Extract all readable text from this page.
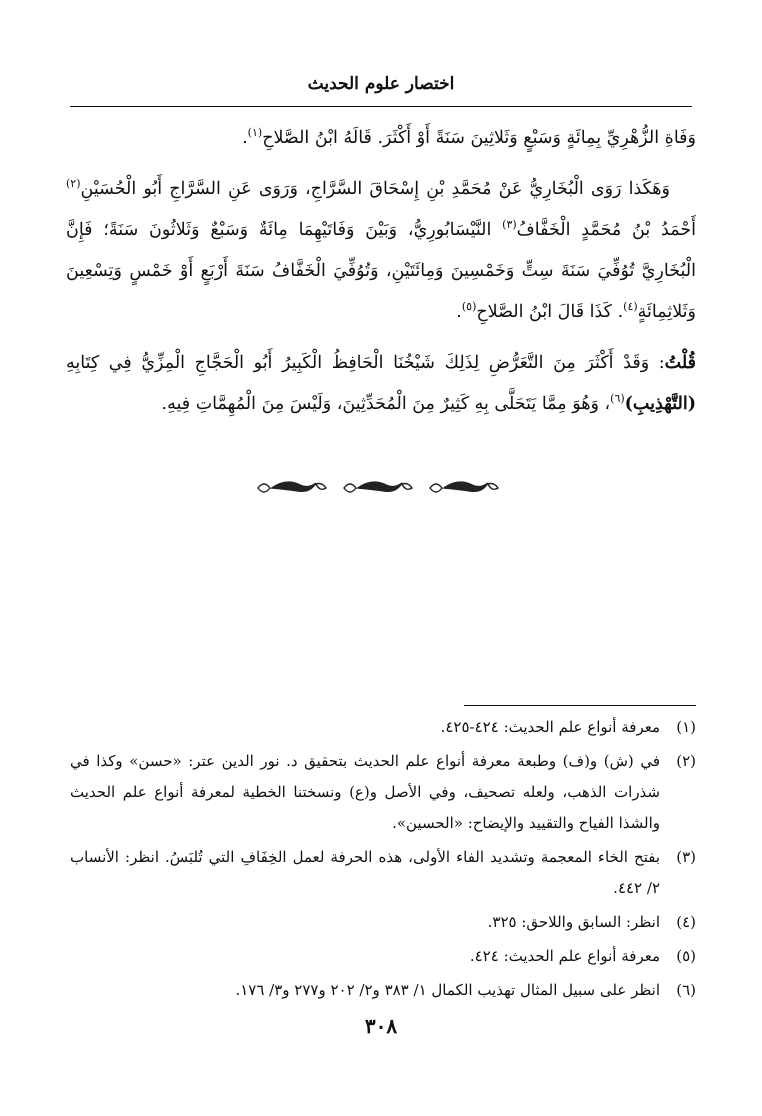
اختصار علوم الحديث

وَفَاةِ الزُّهْرِيِّ بِمِائَةٍ وَسَبْعٍ وَثَلاثِينَ سَنَةً أَوْ أَكْثَرَ. قَالَهُ ابْنُ الصَّلاحِ$^{(١)}$.

وَهَكَذا رَوَى الْبُخَارِيُّ عَنْ مُحَمَّدِ بْنِ إِسْحَاقَ السَّرَّاجِ، وَرَوَى عَنِ السَّرَّاجِ أَبُو الْحُسَيْنِ$^{(٢)}$ أَحْمَدُ بْنُ مُحَمَّدٍ الْخَفَّافُ$^{(٣)}$ النَّيْسَابُورِيُّ، وَبَيْنَ وَفَاتَيْهِمَا مِائَةٌ وَسَبْعٌ وَثَلاثُونَ سَنَةً؛ فَإِنَّ الْبُخَارِيَّ تُوُفِّيَ سَنَةَ سِتٍّ وَخَمْسِينَ وَمِائَتَيْنِ، وَتُوُفِّيَ الْخَفَّافُ سَنَةَ أَرْبَعٍ أَوْ خَمْسٍ وَتِسْعِينَ وَثَلاثِمِائَةٍ$^{(٤)}$. كَذَا قَالَ ابْنُ الصَّلاحِ$^{(٥)}$.

قُلْتُ: وَقَدْ أَكْثَرَ مِنَ التَّعَرُّضِ لِذَلِكَ شَيْخُنَا الْحَافِظُ الْكَبِيرُ أَبُو الْحَجَّاجِ الْمِزِّيُّ فِي كِتَابِهِ (التَّهْذِيبِ)$^{(٦)}$، وَهُوَ مِمَّا يَتَحَلَّى بِهِ كَثِيرٌ مِنَ الْمُحَدِّثِينَ، وَلَيْسَ مِنَ الْمُهِمَّاتِ فِيهِ.

(١)
معرفة أنواع علم الحديث: ٤٢٤-٤٢٥.
(٢)
في (ش) و(ف) وطبعة معرفة أنواع علم الحديث بتحقيق د. نور الدين عتر: «حسن» وكذا في شذرات الذهب، ولعله تصحيف، وفي الأصل و(ع) ونسختنا الخطية لمعرفة أنواع علم الحديث والشذا الفياح والتقييد والإيضاح: «الحسين».
(٣)
بفتح الخاء المعجمة وتشديد الفاء الأولى، هذه الحرفة لعمل الخِفَافِ التي تُلبَسُ. انظر: الأنساب ٢/ ٤٤٢.
(٤)
انظر: السابق واللاحق: ٣٢٥.
(٥)
معرفة أنواع علم الحديث: ٤٢٤.
(٦)
انظر على سبيل المثال تهذيب الكمال ١/ ٣٨٣ و٢/ ٢٠٢ و٢٧٧ و٣/ ١٧٦.
٣٠٨
